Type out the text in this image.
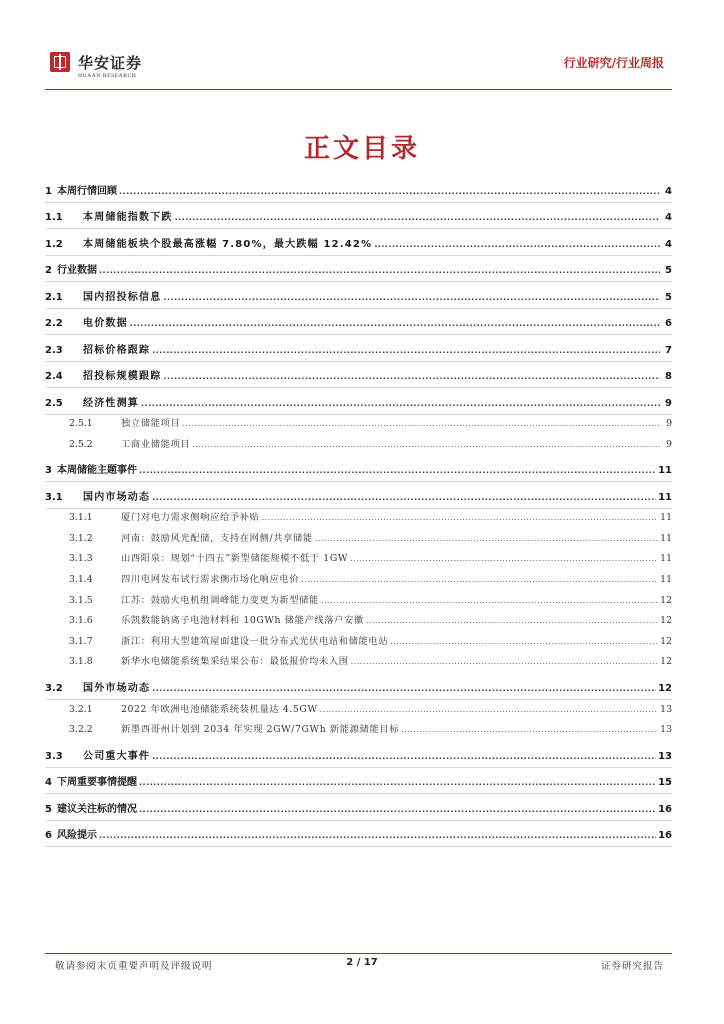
华安证券
HUAAN RESEARCH
行业研究/行业周报
正文目录
1 本周行情回顾 .....	4
1.1	本周储能指数下跌 .....	4
1.2	本周储能板块个股最高涨幅 7.80%，最大跌幅 12.42% .....	4
2 行业数据 .....	5
2.1	国内招投标信息 .....	5
2.2	电价数据 .....	6
2.3	招标价格跟踪 .....	7
2.4	招投标规模跟踪 .....	8
2.5	经济性测算 .....	9
2.5.1	独立储能项目 .....	9
2.5.2	工商业储能项目 .....	9
3 本周储能主题事件 .....	11
3.1	国内市场动态 .....	11
3.1.1	厦门对电力需求侧响应给予补贴 .....	11
3.1.2	河南：鼓励风光配储，支持在网侧/共享储能 .....	11
3.1.3	山西阳泉：规划“十四五”新型储能规模不低于 1GW .....	11
3.1.4	四川电网发布试行需求侧市场化响应电价 .....	11
3.1.5	江苏：鼓励火电机组调峰能力变更为新型储能 .....	12
3.1.6	乐凯数能钠离子电池材料和 10GWh 储能产线落户安徽 .....	12
3.1.7	浙江：利用大型建筑屋面建设一批分布式光伏电站和储能电站 .....	12
3.1.8	新华水电储能系统集采结果公布：最低报价均未入围 .....	12
3.2	国外市场动态 .....	12
3.2.1	2022 年欧洲电池储能系统装机量达 4.5GW .....	13
3.2.2	新墨西哥州计划到 2034 年实现 2GW/7GWh 新能源储能目标 .....	13
3.3	公司重大事件 .....	13
4 下周重要事情提醒 .....	15
5 建议关注标的情况 .....	16
6 风险提示 .....	16
敬请参阅末页重要声明及评级说明	2 / 17	证券研究报告
